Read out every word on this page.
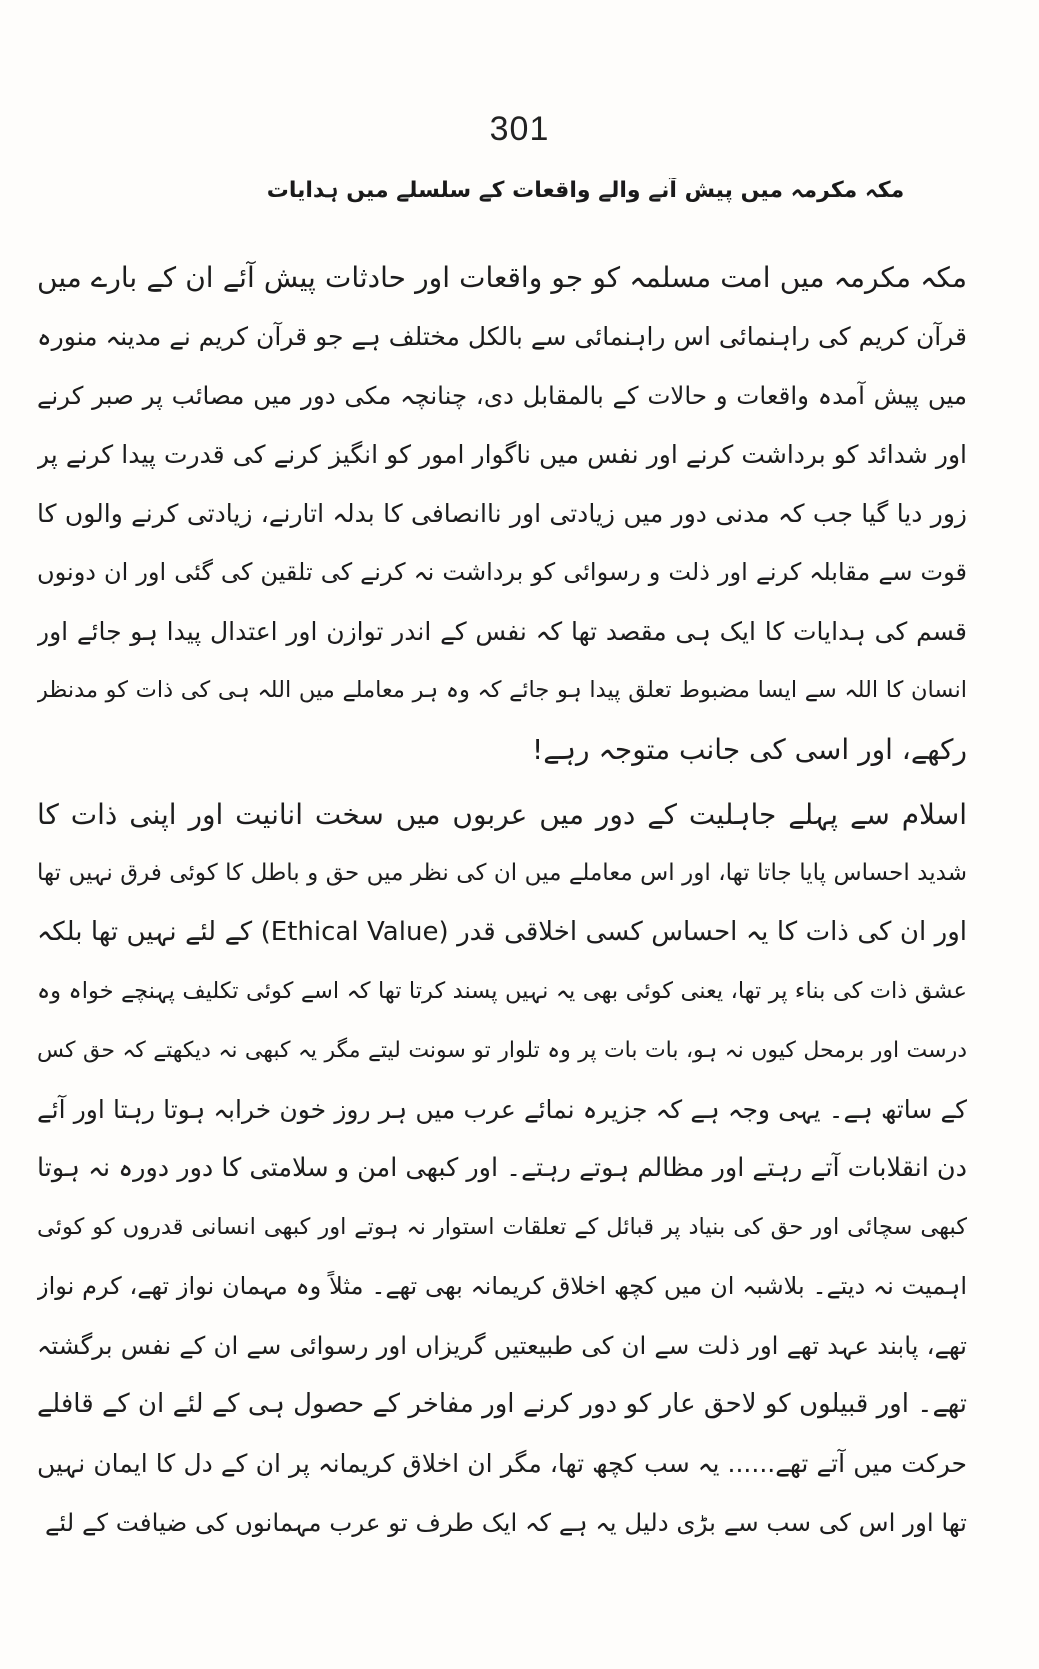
301
مکہ مکرمہ میں پیش آنے والے واقعات کے سلسلے میں ہدایات
مکہ مکرمہ میں امت مسلمہ کو جو واقعات اور حادثات پیش آئے ان کے بارے میں
قرآن کریم کی راہنمائی اس راہنمائی سے بالکل مختلف ہے جو قرآن کریم نے مدینہ منورہ
میں پیش آمدہ واقعات و حالات کے بالمقابل دی، چنانچہ مکی دور میں مصائب پر صبر کرنے
اور شدائد کو برداشت کرنے اور نفس میں ناگوار امور کو انگیز کرنے کی قدرت پیدا کرنے پر
زور دیا گیا جب کہ مدنی دور میں زیادتی اور ناانصافی کا بدلہ اتارنے، زیادتی کرنے والوں کا
قوت سے مقابلہ کرنے اور ذلت و رسوائی کو برداشت نہ کرنے کی تلقین کی گئی اور ان دونوں
قسم کی ہدایات کا ایک ہی مقصد تھا کہ نفس کے اندر توازن اور اعتدال پیدا ہو جائے اور
انسان کا اللہ سے ایسا مضبوط تعلق پیدا ہو جائے کہ وہ ہر معاملے میں اللہ ہی کی ذات کو مدنظر
رکھے، اور اسی کی جانب متوجہ رہے!
اسلام سے پہلے جاہلیت کے دور میں عربوں میں سخت انانیت اور اپنی ذات کا
شدید احساس پایا جاتا تھا، اور اس معاملے میں ان کی نظر میں حق و باطل کا کوئی فرق نہیں تھا
اور ان کی ذات کا یہ احساس کسی اخلاقی قدر (Ethical Value) کے لئے نہیں تھا بلکہ
عشق ذات کی بناء پر تھا، یعنی کوئی بھی یہ نہیں پسند کرتا تھا کہ اسے کوئی تکلیف پہنچے خواہ وہ
درست اور برمحل کیوں نہ ہو، بات بات پر وہ تلوار تو سونت لیتے مگر یہ کبھی نہ دیکھتے کہ حق کس
کے ساتھ ہے۔ یہی وجہ ہے کہ جزیرہ نمائے عرب میں ہر روز خون خرابہ ہوتا رہتا اور آئے
دن انقلابات آتے رہتے اور مظالم ہوتے رہتے۔ اور کبھی امن و سلامتی کا دور دورہ نہ ہوتا
کبھی سچائی اور حق کی بنیاد پر قبائل کے تعلقات استوار نہ ہوتے اور کبھی انسانی قدروں کو کوئی
اہمیت نہ دیتے۔ بلاشبہ ان میں کچھ اخلاق کریمانہ بھی تھے۔ مثلاً وہ مہمان نواز تھے، کرم نواز
تھے، پابند عہد تھے اور ذلت سے ان کی طبیعتیں گریزاں اور رسوائی سے ان کے نفس برگشتہ
تھے۔ اور قبیلوں کو لاحق عار کو دور کرنے اور مفاخر کے حصول ہی کے لئے ان کے قافلے
حرکت میں آتے تھے...... یہ سب کچھ تھا، مگر ان اخلاق کریمانہ پر ان کے دل کا ایمان نہیں
تھا اور اس کی سب سے بڑی دلیل یہ ہے کہ ایک طرف تو عرب مہمانوں کی ضیافت کے لئے
